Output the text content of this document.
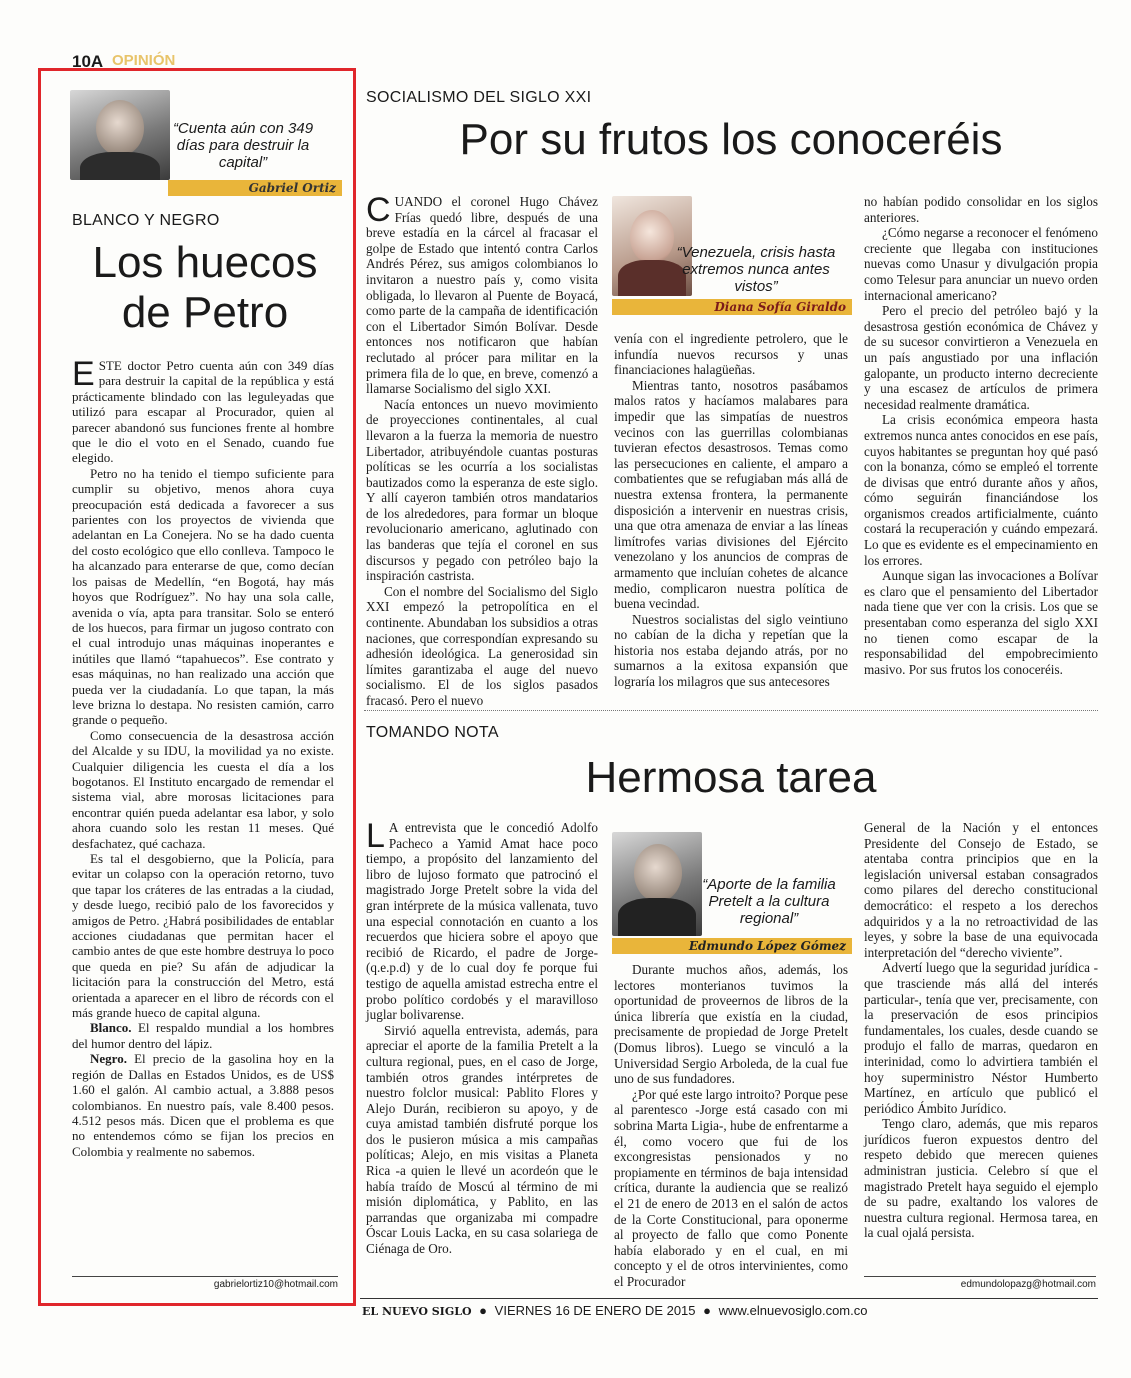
10A OPINIÓN
“Cuenta aún con 349 días para destruir la capital”
Gabriel Ortiz
BLANCO Y NEGRO
Los huecos
de Petro

ESTE doctor Petro cuenta aún con 349 días para destruir la capital de la república y está prácticamente blindado con las leguleyadas que utilizó para escapar al Procurador, quien al parecer abandonó sus funciones frente al hombre que le dio el voto en el Senado, cuando fue elegido.

Petro no ha tenido el tiempo suficiente para cumplir su objetivo, menos ahora cuya preocupación está dedicada a favorecer a sus parientes con los proyectos de vivienda que adelantan en La Conejera. No se ha dado cuenta del costo ecológico que ello conlleva. Tampoco le ha alcanzado para enterarse de que, como decían los paisas de Medellín, “en Bogotá, hay más hoyos que Rodríguez”. No hay una sola calle, avenida o vía, apta para transitar. Solo se enteró de los huecos, para firmar un jugoso contrato con el cual introdujo unas máquinas inoperantes e inútiles que llamó “tapahuecos”. Ese contrato y esas máquinas, no han realizado una acción que pueda ver la ciudadanía. Lo que tapan, la más leve brizna lo destapa. No resisten camión, carro grande o pequeño.

Como consecuencia de la desastrosa acción del Alcalde y su IDU, la movilidad ya no existe. Cualquier diligencia les cuesta el día a los bogotanos. El Instituto encargado de remendar el sistema vial, abre morosas licitaciones para encontrar quién pueda adelantar esa labor, y solo ahora cuando solo les restan 11 meses. Qué desfachatez, qué cachaza.

Es tal el desgobierno, que la Policía, para evitar un colapso con la operación retorno, tuvo que tapar los cráteres de las entradas a la ciudad, y desde luego, recibió palo de los favorecidos y amigos de Petro. ¿Habrá posibilidades de entablar acciones ciudadanas que permitan hacer el cambio antes de que este hombre destruya lo poco que queda en pie? Su afán de adjudicar la licitación para la construcción del Metro, está orientada a aparecer en el libro de récords con el más grande hueco de capital alguna.

Blanco. El respaldo mundial a los hombres del humor dentro del lápiz.

Negro. El precio de la gasolina hoy en la región de Dallas en Estados Unidos, es de US$ 1.60 el galón. Al cambio actual, a 3.888 pesos colombianos. En nuestro país, vale 8.400 pesos. 4.512 pesos más. Dicen que el problema es que no entendemos cómo se fijan los precios en Colombia y realmente no sabemos.

gabrielortiz10@hotmail.com
SOCIALISMO DEL SIGLO XXI
Por su frutos los conoceréis

CUANDO el coronel Hugo Chávez Frías quedó libre, después de una breve estadía en la cárcel al fracasar el golpe de Estado que intentó contra Carlos Andrés Pérez, sus amigos colombianos lo invitaron a nuestro país y, como visita obligada, lo llevaron al Puente de Boyacá, como parte de la campaña de identificación con el Libertador Simón Bolívar. Desde entonces nos notificaron que habían reclutado al prócer para militar en la primera fila de lo que, en breve, comenzó a llamarse Socialismo del siglo XXI.

Nacía entonces un nuevo movimiento de proyecciones continentales, al cual llevaron a la fuerza la memoria de nuestro Libertador, atribuyéndole cuantas posturas políticas se les ocurría a los socialistas bautizados como la esperanza de este siglo. Y allí cayeron también otros mandatarios de los alrededores, para formar un bloque revolucionario americano, aglutinado con las banderas que tejía el coronel en sus discursos y pegado con petróleo bajo la inspiración castrista.

Con el nombre del Socialismo del Siglo XXI empezó la petropolítica en el continente. Abundaban los subsidios a otras naciones, que correspondían expresando su adhesión ideológica. La generosidad sin límites garantizaba el auge del nuevo socialismo. El de los siglos pasados fracasó. Pero el nuevo

“Venezuela, crisis hasta extremos nunca antes vistos”
Diana Sofía Giraldo

venía con el ingrediente petrolero, que le infundía nuevos recursos y unas financiaciones halagüeñas.

Mientras tanto, nosotros pasábamos malos ratos y hacíamos malabares para impedir que las simpatías de nuestros vecinos con las guerrillas colombianas tuvieran efectos desastrosos. Temas como las persecuciones en caliente, el amparo a combatientes que se refugiaban más allá de nuestra extensa frontera, la permanente disposición a intervenir en nuestras crisis, una que otra amenaza de enviar a las líneas limítrofes varias divisiones del Ejército venezolano y los anuncios de compras de armamento que incluían cohetes de alcance medio, complicaron nuestra política de buena vecindad.

Nuestros socialistas del siglo veintiuno no cabían de la dicha y repetían que la historia nos estaba dejando atrás, por no sumarnos a la exitosa expansión que lograría los milagros que sus antecesores

no habían podido consolidar en los siglos anteriores.

¿Cómo negarse a reconocer el fenómeno creciente que llegaba con instituciones nuevas como Unasur y divulgación propia como Telesur para anunciar un nuevo orden internacional americano?

Pero el precio del petróleo bajó y la desastrosa gestión económica de Chávez y de su sucesor convirtieron a Venezuela en un país angustiado por una inflación galopante, un producto interno decreciente y una escasez de artículos de primera necesidad realmente dramática.

La crisis económica empeora hasta extremos nunca antes conocidos en ese país, cuyos habitantes se preguntan hoy qué pasó con la bonanza, cómo se empleó el torrente de divisas que entró durante años y años, cómo seguirán financiándose los organismos creados artificialmente, cuánto costará la recuperación y cuándo empezará. Lo que es evidente es el empecinamiento en los errores.

Aunque sigan las invocaciones a Bolívar es claro que el pensamiento del Libertador nada tiene que ver con la crisis. Los que se presentaban como esperanza del siglo XXI no tienen como escapar de la responsabilidad del empobrecimiento masivo. Por sus frutos los conoceréis.

TOMANDO NOTA
Hermosa tarea

L A entrevista que le concedió Adolfo Pacheco a Yamid Amat hace poco tiempo, a propósito del lanzamiento del libro de lujoso formato que patrocinó el magistrado Jorge Pretelt sobre la vida del gran intérprete de la música vallenata, tuvo una especial connotación en cuanto a los recuerdos que hiciera sobre el apoyo que recibió de Ricardo, el padre de Jorge- (q.e.p.d) y de lo cual doy fe porque fui testigo de aquella amistad estrecha entre el probo político cordobés y el maravilloso juglar bolivarense.

Sirvió aquella entrevista, además, para apreciar el aporte de la familia Pretelt a la cultura regional, pues, en el caso de Jorge, también otros grandes intérpretes de nuestro folclor musical: Pablito Flores y Alejo Durán, recibieron su apoyo, y de cuya amistad también disfruté porque los dos le pusieron música a mis campañas políticas; Alejo, en mis visitas a Planeta Rica -a quien le llevé un acordeón que le había traído de Moscú al término de mi misión diplomática, y Pablito, en las parrandas que organizaba mi compadre Óscar Louis Lacka, en su casa solariega de Ciénaga de Oro.

“Aporte de la familia Pretelt a la cultura regional”
Edmundo López Gómez

Durante muchos años, además, los lectores monterianos tuvimos la oportunidad de proveernos de libros de la única librería que existía en la ciudad, precisamente de propiedad de Jorge Pretelt (Domus libros). Luego se vinculó a la Universidad Sergio Arboleda, de la cual fue uno de sus fundadores.

¿Por qué este largo introito? Porque pese al parentesco -Jorge está casado con mi sobrina Marta Ligia-, hube de enfrentarme a él, como vocero que fui de los excongresistas pensionados y no propiamente en términos de baja intensidad crítica, durante la audiencia que se realizó el 21 de enero de 2013 en el salón de actos de la Corte Constitucional, para oponerme al proyecto de fallo que como Ponente había elaborado y en el cual, en mi concepto y el de otros intervinientes, como el Procurador

General de la Nación y el entonces Presidente del Consejo de Estado, se atentaba contra principios que en la legislación universal estaban consagrados como pilares del derecho constitucional democrático: el respeto a los derechos adquiridos y a la no retroactividad de las leyes, y sobre la base de una equivocada interpretación del “derecho viviente”.

Advertí luego que la seguridad jurídica -que trasciende más allá del interés particular-, tenía que ver, precisamente, con la preservación de esos principios fundamentales, los cuales, desde cuando se produjo el fallo de marras, quedaron en interinidad, como lo advirtiera también el hoy superministro Néstor Humberto Martínez, en artículo que publicó el periódico Ámbito Jurídico.

Tengo claro, además, que mis reparos jurídicos fueron expuestos dentro del respeto debido que merecen quienes administran justicia. Celebro sí que el magistrado Pretelt haya seguido el ejemplo de su padre, exaltando los valores de nuestra cultura regional. Hermosa tarea, en la cual ojalá persista.

edmundolopazg@hotmail.com
EL NUEVO SIGLO ● VIERNES 16 DE ENERO DE 2015 ● www.elnuevosiglo.com.co
